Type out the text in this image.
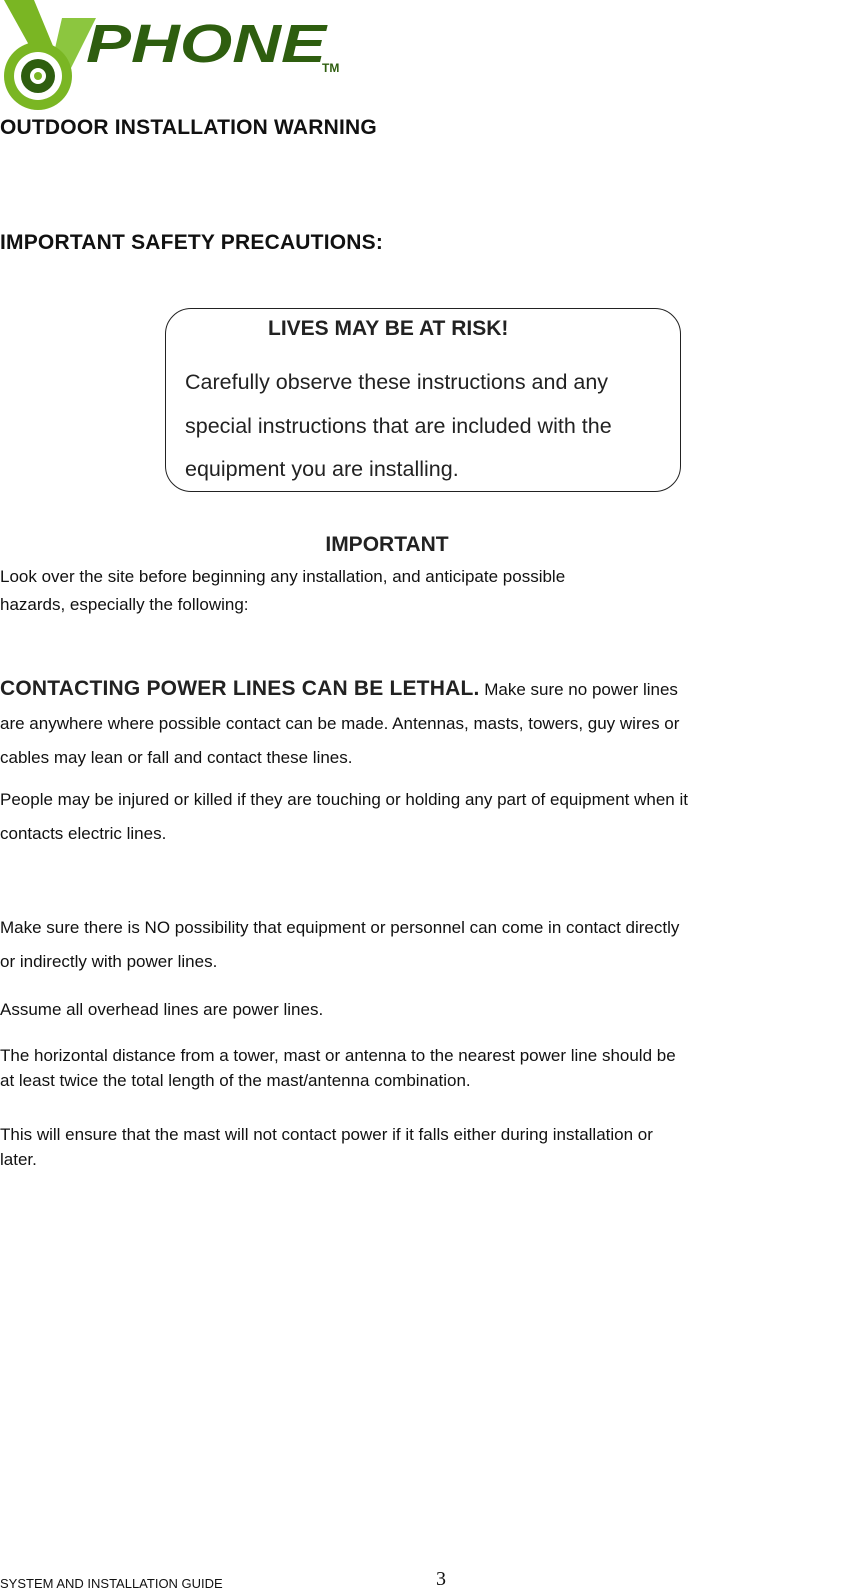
PHONE
TM
OUTDOOR INSTALLATION WARNING
IMPORTANT SAFETY PRECAUTIONS:
LIVES MAY BE AT RISK!
Carefully observe these instructions and any
special instructions that are included with the
equipment you are installing.
IMPORTANT
Look over the site before beginning any installation, and anticipate possible
hazards, especially the following:
CONTACTING POWER LINES CAN BE LETHAL. Make sure no power lines
are anywhere where possible contact can be made. Antennas, masts, towers, guy wires or
cables may lean or fall and contact these lines.
People may be injured or killed if they are touching or holding any part of equipment when it
contacts electric lines.
Make sure there is NO possibility that equipment or personnel can come in contact directly
or indirectly with power lines.
Assume all overhead lines are power lines.
The horizontal distance from a tower, mast or antenna to the nearest power line should be
at least twice the total length of the mast/antenna combination.
This will ensure that the mast will not contact power if it falls either during installation or
later.
SYSTEM AND INSTALLATION GUIDE	3
